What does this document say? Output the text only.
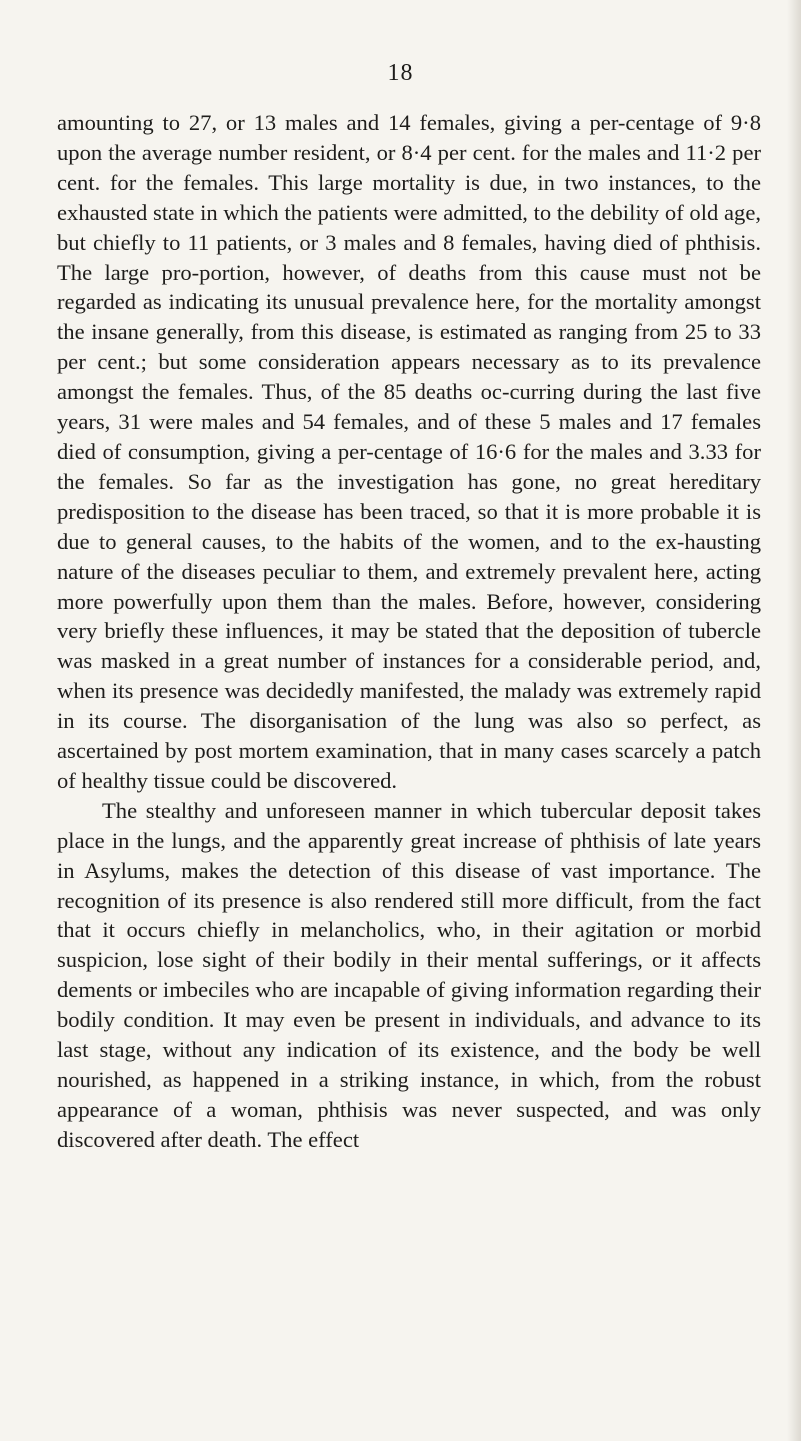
18

amounting to 27, or 13 males and 14 females, giving a per-centage of 9·8 upon the average number resident, or 8·4 per cent. for the males and 11·2 per cent. for the females. This large mortality is due, in two instances, to the exhausted state in which the patients were admitted, to the debility of old age, but chiefly to 11 patients, or 3 males and 8 females, having died of phthisis. The large pro-portion, however, of deaths from this cause must not be regarded as indicating its unusual prevalence here, for the mortality amongst the insane generally, from this disease, is estimated as ranging from 25 to 33 per cent.; but some consideration appears necessary as to its prevalence amongst the females. Thus, of the 85 deaths oc-curring during the last five years, 31 were males and 54 females, and of these 5 males and 17 females died of consumption, giving a per-centage of 16·6 for the males and 3.33 for the females. So far as the investigation has gone, no great hereditary predisposition to the disease has been traced, so that it is more probable it is due to general causes, to the habits of the women, and to the ex-hausting nature of the diseases peculiar to them, and extremely prevalent here, acting more powerfully upon them than the males. Before, however, considering very briefly these influences, it may be stated that the deposition of tubercle was masked in a great number of instances for a considerable period, and, when its presence was decidedly manifested, the malady was extremely rapid in its course. The disorganisation of the lung was also so perfect, as ascertained by post mortem examination, that in many cases scarcely a patch of healthy tissue could be discovered.

The stealthy and unforeseen manner in which tubercular deposit takes place in the lungs, and the apparently great increase of phthisis of late years in Asylums, makes the detection of this disease of vast importance. The recognition of its presence is also rendered still more difficult, from the fact that it occurs chiefly in melancholics, who, in their agitation or morbid suspicion, lose sight of their bodily in their mental sufferings, or it affects dements or imbeciles who are incapable of giving information regarding their bodily condition. It may even be present in individuals, and advance to its last stage, without any indication of its existence, and the body be well nourished, as happened in a striking instance, in which, from the robust appearance of a woman, phthisis was never suspected, and was only discovered after death. The effect
